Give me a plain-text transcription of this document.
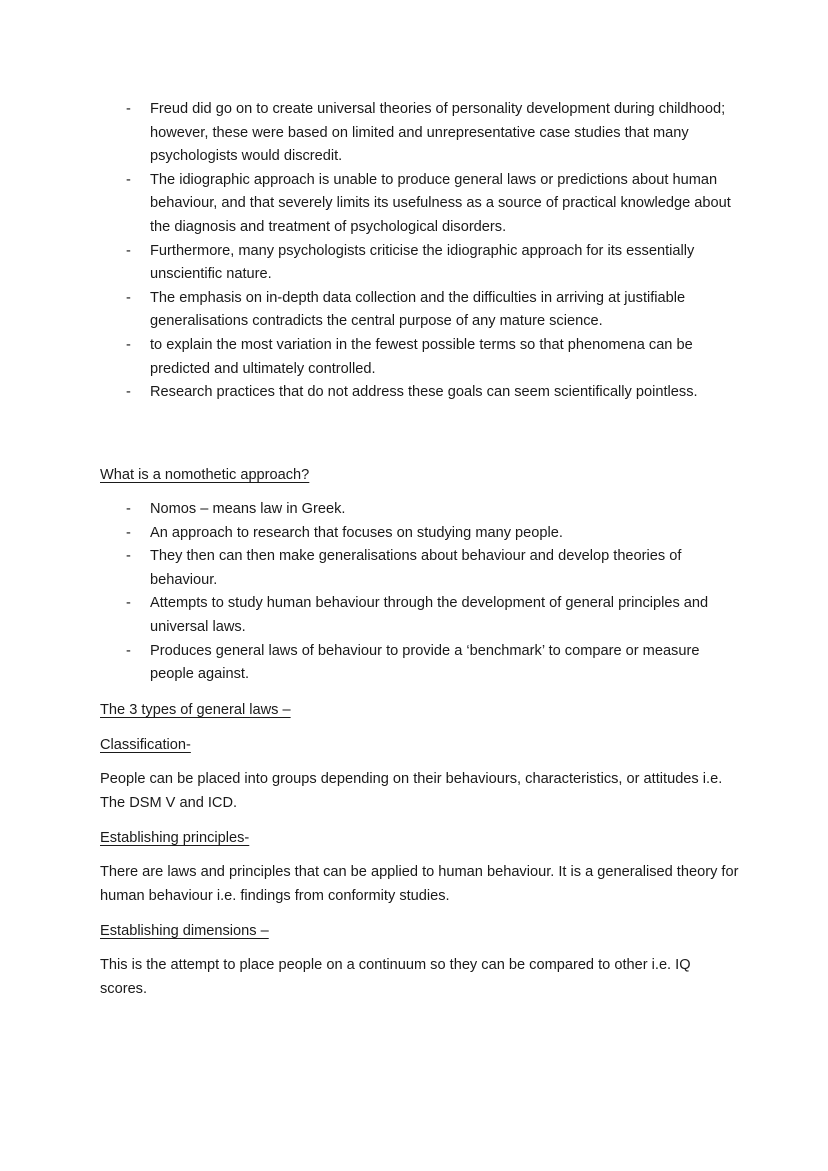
- Freud did go on to create universal theories of personality development during childhood; however, these were based on limited and unrepresentative case studies that many psychologists would discredit.
- The idiographic approach is unable to produce general laws or predictions about human behaviour, and that severely limits its usefulness as a source of practical knowledge about the diagnosis and treatment of psychological disorders.
- Furthermore, many psychologists criticise the idiographic approach for its essentially unscientific nature.
- The emphasis on in-depth data collection and the difficulties in arriving at justifiable generalisations contradicts the central purpose of any mature science.
- to explain the most variation in the fewest possible terms so that phenomena can be predicted and ultimately controlled.
- Research practices that do not address these goals can seem scientifically pointless.
What is a nomothetic approach?
- Nomos – means law in Greek.
- An approach to research that focuses on studying many people.
- They then can then make generalisations about behaviour and develop theories of behaviour.
- Attempts to study human behaviour through the development of general principles and universal laws.
- Produces general laws of behaviour to provide a ‘benchmark’ to compare or measure people against.
The 3 types of general laws –
Classification-
People can be placed into groups depending on their behaviours, characteristics, or attitudes i.e. The DSM V and ICD.
Establishing principles-
There are laws and principles that can be applied to human behaviour. It is a generalised theory for human behaviour i.e. findings from conformity studies.
Establishing dimensions –
This is the attempt to place people on a continuum so they can be compared to other i.e. IQ scores.
